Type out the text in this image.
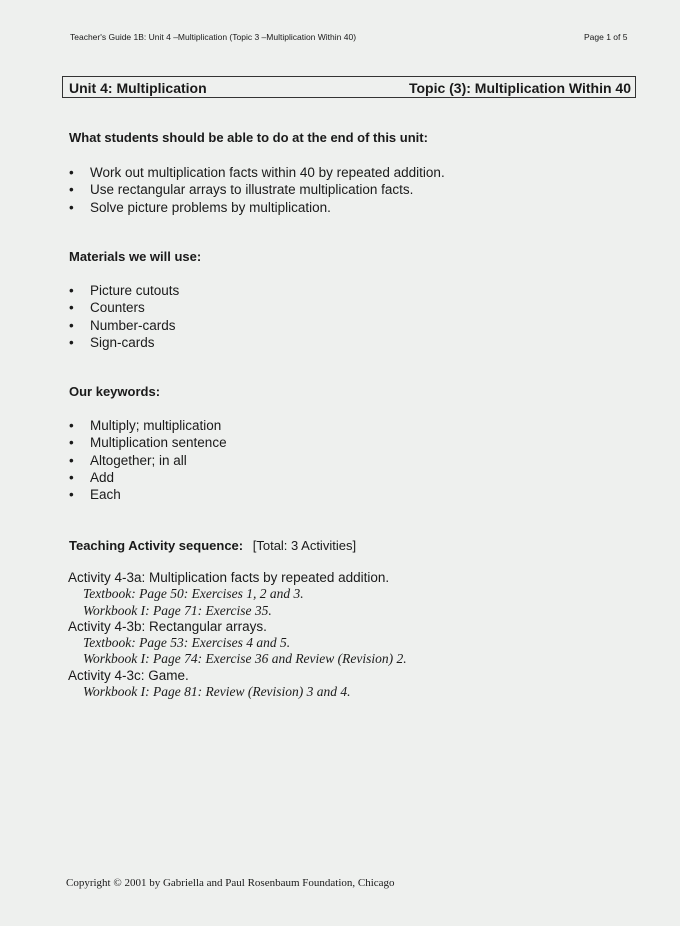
Teacher's Guide 1B: Unit 4 –Multiplication (Topic 3 –Multiplication Within 40)	Page 1 of 5
Unit 4: Multiplication	Topic (3): Multiplication Within 40
What students should be able to do at the end of this unit:
• Work out multiplication facts within 40 by repeated addition.
• Use rectangular arrays to illustrate multiplication facts.
• Solve picture problems by multiplication.
Materials we will use:
• Picture cutouts
• Counters
• Number-cards
• Sign-cards
Our keywords:
• Multiply; multiplication
• Multiplication sentence
• Altogether; in all
• Add
• Each
Teaching Activity sequence: [Total: 3 Activities]
Activity 4-3a: Multiplication facts by repeated addition.
Textbook: Page 50: Exercises 1, 2 and 3.
Workbook I: Page 71: Exercise 35.
Activity 4-3b: Rectangular arrays.
Textbook: Page 53: Exercises 4 and 5.
Workbook I: Page 74: Exercise 36 and Review (Revision) 2.
Activity 4-3c: Game.
Workbook I: Page 81: Review (Revision) 3 and 4.
Copyright © 2001 by Gabriella and Paul Rosenbaum Foundation, Chicago
